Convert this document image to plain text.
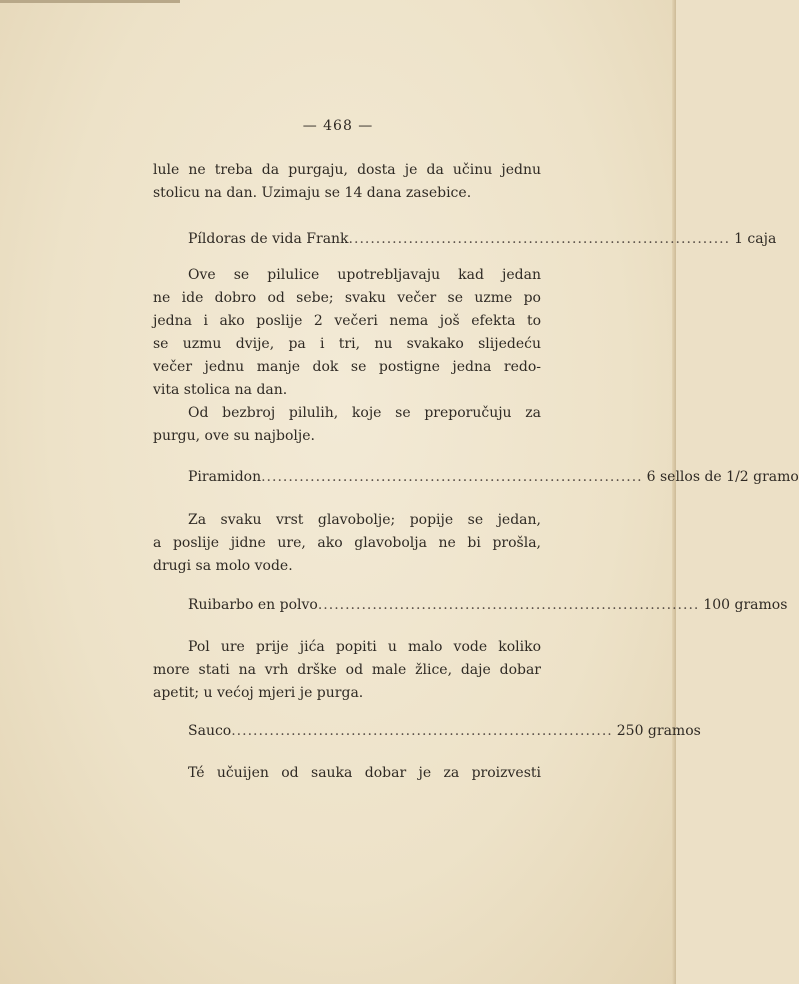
— 468 —
lule ne treba da purgaju, dosta je da učinu jednu
stolicu na dan. Uzimaju se 14 dana zasebice.
Píldoras de vida Frank ...................................................................... 1 caja
Ove se pilulice upotrebljavaju kad jedan
ne ide dobro od sebe; svaku večer se uzme po
jedna i ako poslije 2 večeri nema još efekta to
se uzmu dvije, pa i tri, nu svakako slijedeću
večer jednu manje dok se postigne jedna redo-
vita stolica na dan.
Od bezbroj pilulih, koje se preporučuju za
purgu, ove su najbolje.
Piramidon ...................................................................... 6 sellos de 1/2 gramo
Za svaku vrst glavobolje; popije se jedan,
a poslije jidne ure, ako glavobolja ne bi prošla,
drugi sa molo vode.
Ruibarbo en polvo ...................................................................... 100 gramos
Pol ure prije jića popiti u malo vode koliko
more stati na vrh drške od male žlice, daje dobar
apetit; u većoj mjeri je purga.
Sauco ...................................................................... 250 gramos
Té učuijen od sauka dobar je za proizvesti
